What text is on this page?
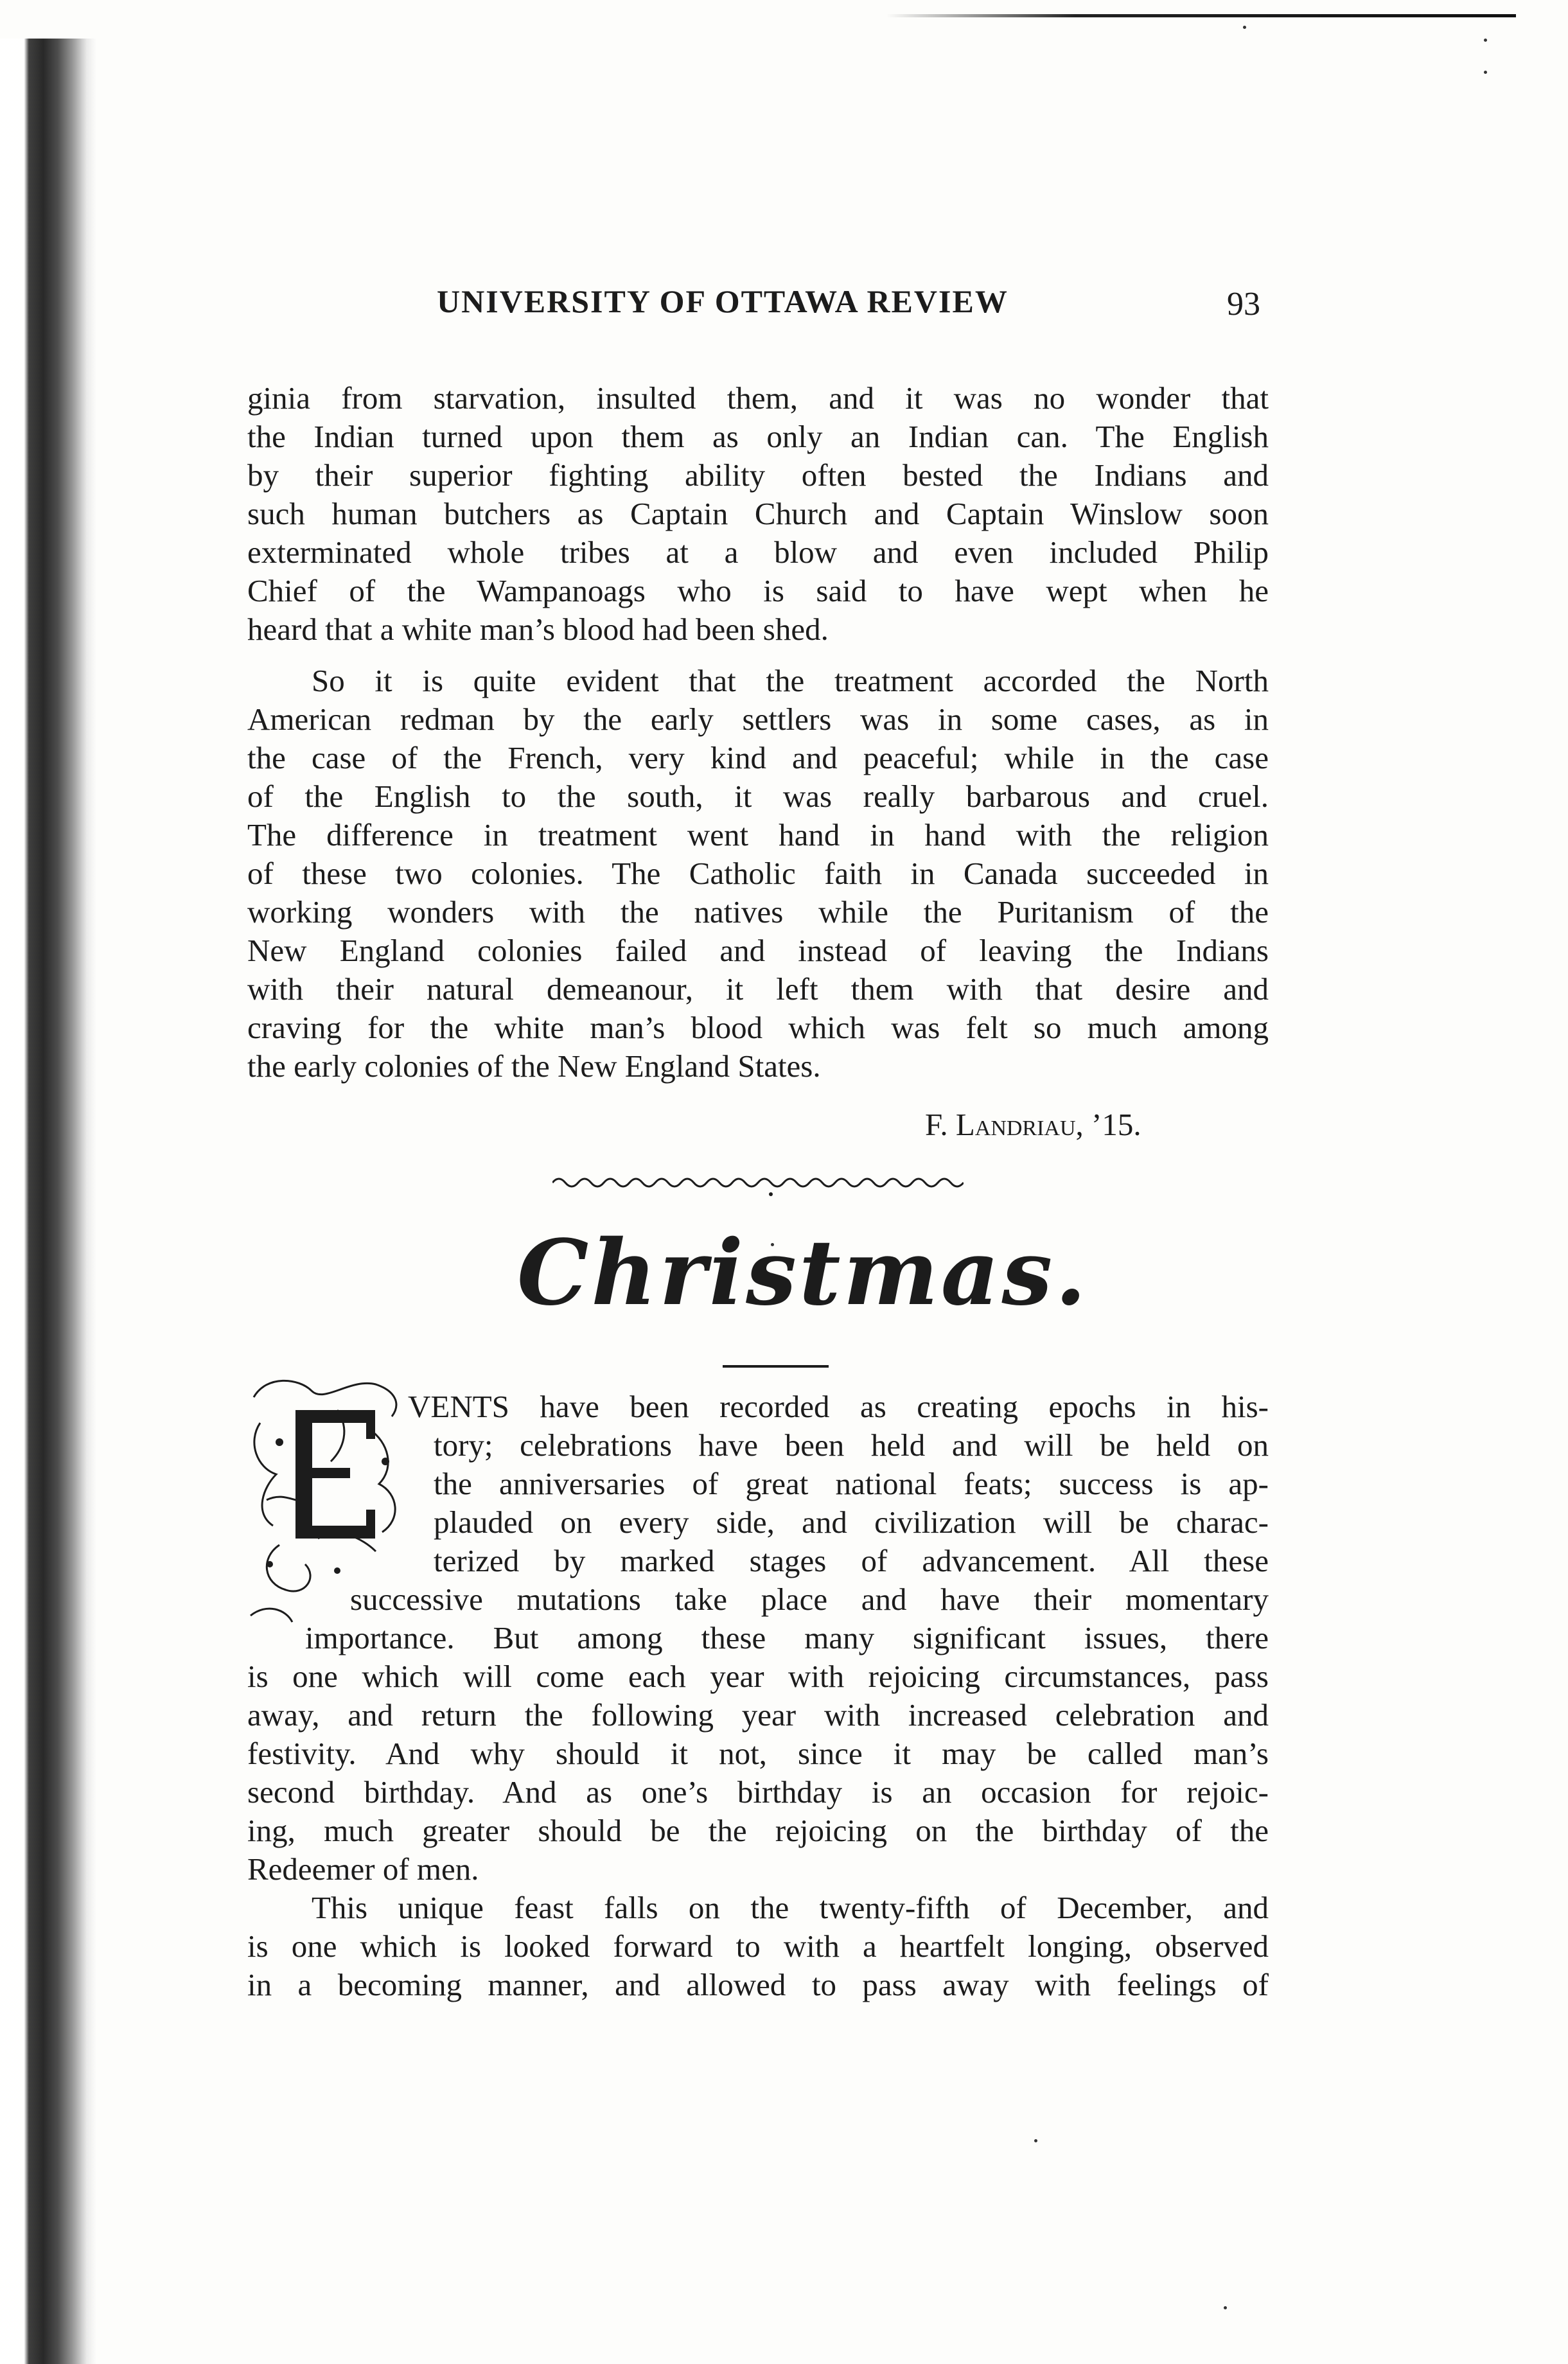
UNIVERSITY OF OTTAWA REVIEW	93

ginia from starvation, insulted them, and it was no wonder that
the Indian turned upon them as only an Indian can. The English
by their superior fighting ability often bested the Indians and
such human butchers as Captain Church and Captain Winslow soon
exterminated whole tribes at a blow and even included Philip
Chief of the Wampanoags who is said to have wept when he
heard that a white man’s blood had been shed.

So it is quite evident that the treatment accorded the North
American redman by the early settlers was in some cases, as in
the case of the French, very kind and peaceful; while in the case
of the English to the south, it was really barbarous and cruel.
The difference in treatment went hand in hand with the religion
of these two colonies. The Catholic faith in Canada succeeded in
working wonders with the natives while the Puritanism of the
New England colonies failed and instead of leaving the Indians
with their natural demeanour, it left them with that desire and
craving for the white man’s blood which was felt so much among
the early colonies of the New England States.

F. Landriau, ’15.
Christmas.
E

VENTS have been recorded as creating epochs in his-
tory; celebrations have been held and will be held on
the anniversaries of great national feats; success is ap-
plauded on every side, and civilization will be charac-
terized by marked stages of advancement. All these
successive mutations take place and have their momentary
importance. But among these many significant issues, there
is one which will come each year with rejoicing circumstances, pass
away, and return the following year with increased celebration and
festivity. And why should it not, since it may be called man’s
second birthday. And as one’s birthday is an occasion for rejoic-
ing, much greater should be the rejoicing on the birthday of the
Redeemer of men.

This unique feast falls on the twenty-fifth of December, and
is one which is looked forward to with a heartfelt longing, observed
in a becoming manner, and allowed to pass away with feelings of
